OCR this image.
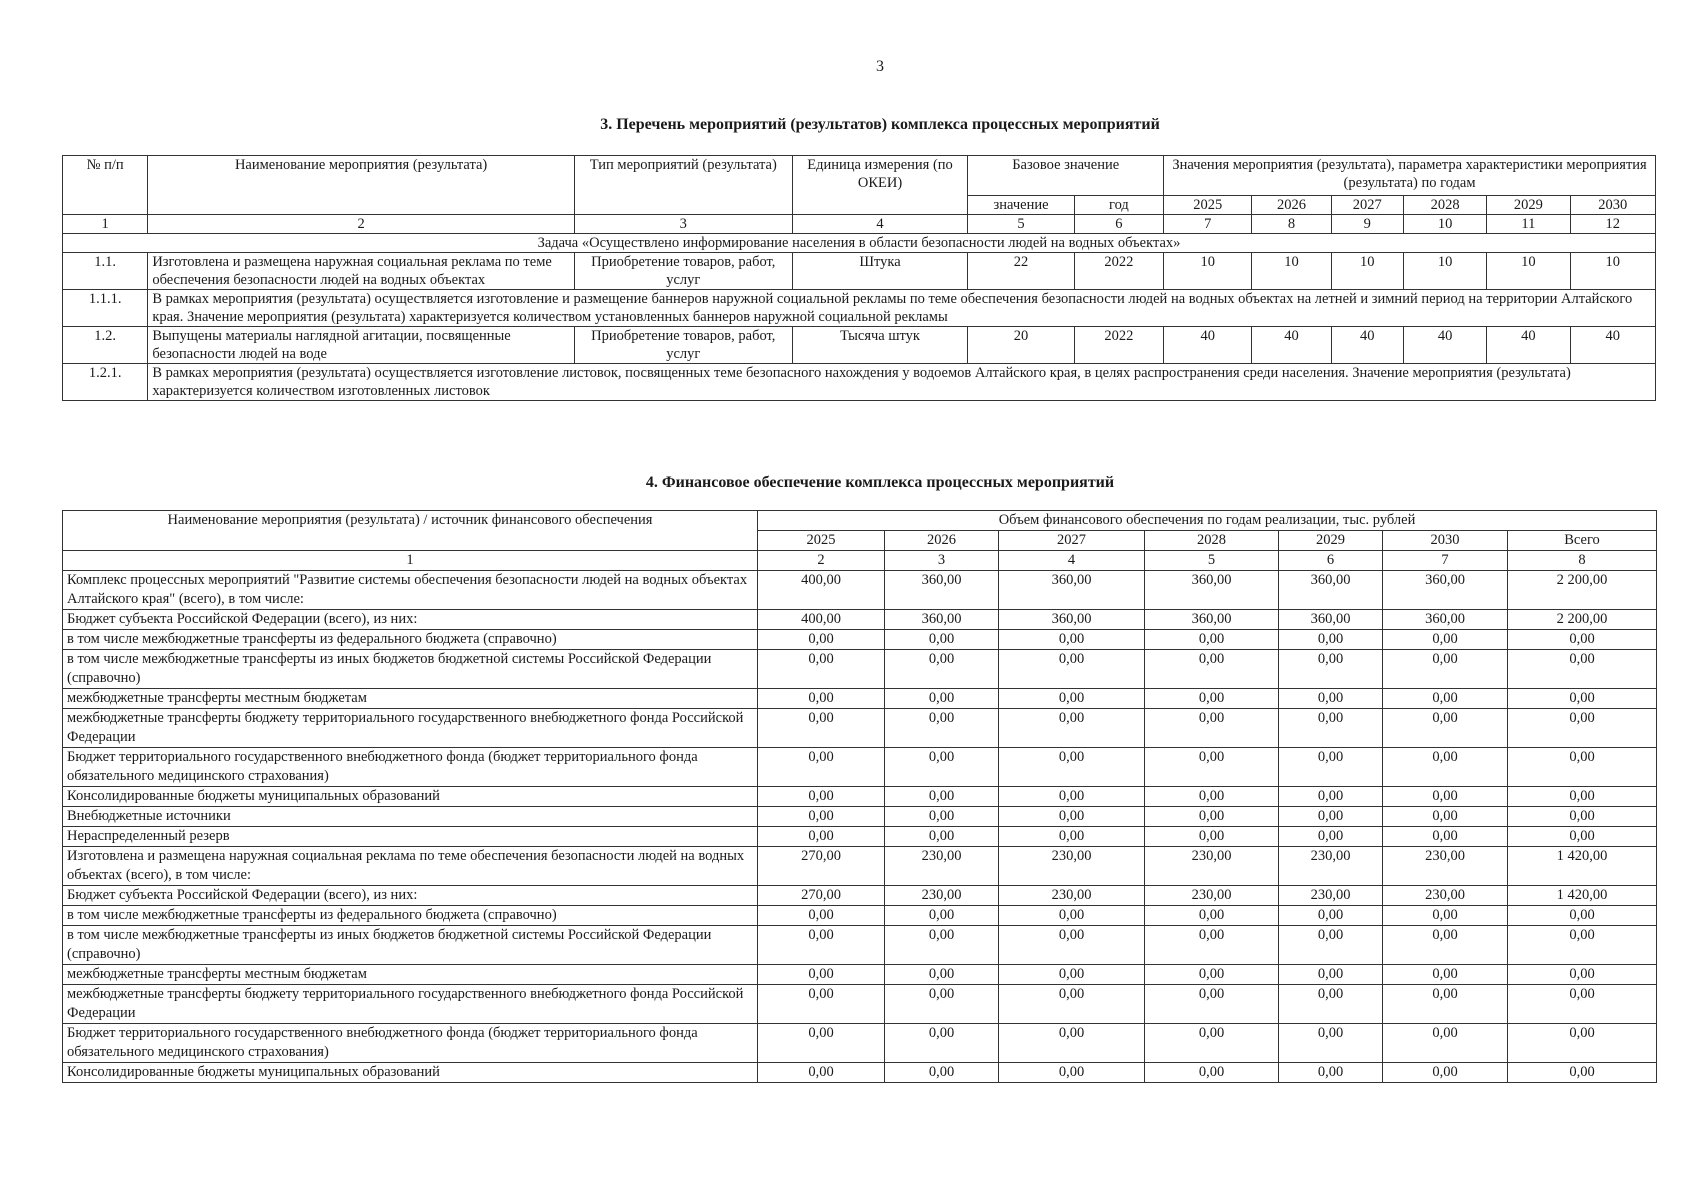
3
3. Перечень мероприятий (результатов) комплекса процессных мероприятий
№ п/п	Наименование мероприятия (результата)	Тип мероприятий (результата)	Единица измерения (по ОКЕИ)	Базовое значение		Значения мероприятия (результата), параметра характеристики мероприятия (результата) по годам					
				значение	год	2025	2026	2027	2028	2029	2030
1	2	3	4	5	6	7	8	9	10	11	12
Задача «Осуществлено информирование населения в области безопасности людей на водных объектах»											
1.1.	Изготовлена и размещена наружная социальная реклама по теме обеспечения безопасности людей на водных объектах	Приобретение товаров, работ, услуг	Штука	22	2022	10	10	10	10	10	10
1.1.1.	В рамках мероприятия (результата) осуществляется изготовление и размещение баннеров наружной социальной рекламы по теме обеспечения безопасности людей на водных объектах на летней и зимний период на территории Алтайского края. Значение мероприятия (результата) характеризуется количеством установленных баннеров наружной социальной рекламы										
1.2.	Выпущены материалы наглядной агитации, посвященные безопасности людей на воде	Приобретение товаров, работ, услуг	Тысяча штук	20	2022	40	40	40	40	40	40
1.2.1.	В рамках мероприятия (результата) осуществляется изготовление листовок, посвященных теме безопасного нахождения у водоемов Алтайского края, в целях распространения среди населения. Значение мероприятия (результата) характеризуется количеством изготовленных листовок										
4. Финансовое обеспечение комплекса процессных мероприятий
Наименование мероприятия (результата) / источник финансового обеспечения	Объем финансового обеспечения по годам реализации, тыс. рублей						
	2025	2026	2027	2028	2029	2030	Всего
1	2	3	4	5	6	7	8
Комплекс процессных мероприятий "Развитие системы обеспечения безопасности людей на водных объектах Алтайского края" (всего), в том числе:	400,00	360,00	360,00	360,00	360,00	360,00	2 200,00
Бюджет субъекта Российской Федерации (всего), из них:	400,00	360,00	360,00	360,00	360,00	360,00	2 200,00
в том числе межбюджетные трансферты из федерального бюджета (справочно)	0,00	0,00	0,00	0,00	0,00	0,00	0,00
в том числе межбюджетные трансферты из иных бюджетов бюджетной системы Российской Федерации (справочно)	0,00	0,00	0,00	0,00	0,00	0,00	0,00
межбюджетные трансферты местным бюджетам	0,00	0,00	0,00	0,00	0,00	0,00	0,00
межбюджетные трансферты бюджету территориального государственного внебюджетного фонда Российской Федерации	0,00	0,00	0,00	0,00	0,00	0,00	0,00
Бюджет территориального государственного внебюджетного фонда (бюджет территориального фонда обязательного медицинского страхования)	0,00	0,00	0,00	0,00	0,00	0,00	0,00
Консолидированные бюджеты муниципальных образований	0,00	0,00	0,00	0,00	0,00	0,00	0,00
Внебюджетные источники	0,00	0,00	0,00	0,00	0,00	0,00	0,00
Нераспределенный резерв	0,00	0,00	0,00	0,00	0,00	0,00	0,00
Изготовлена и размещена наружная социальная реклама по теме обеспечения безопасности людей на водных объектах (всего), в том числе:	270,00	230,00	230,00	230,00	230,00	230,00	1 420,00
Бюджет субъекта Российской Федерации (всего), из них:	270,00	230,00	230,00	230,00	230,00	230,00	1 420,00
в том числе межбюджетные трансферты из федерального бюджета (справочно)	0,00	0,00	0,00	0,00	0,00	0,00	0,00
в том числе межбюджетные трансферты из иных бюджетов бюджетной системы Российской Федерации (справочно)	0,00	0,00	0,00	0,00	0,00	0,00	0,00
межбюджетные трансферты местным бюджетам	0,00	0,00	0,00	0,00	0,00	0,00	0,00
межбюджетные трансферты бюджету территориального государственного внебюджетного фонда Российской Федерации	0,00	0,00	0,00	0,00	0,00	0,00	0,00
Бюджет территориального государственного внебюджетного фонда (бюджет территориального фонда обязательного медицинского страхования)	0,00	0,00	0,00	0,00	0,00	0,00	0,00
Консолидированные бюджеты муниципальных образований	0,00	0,00	0,00	0,00	0,00	0,00	0,00
